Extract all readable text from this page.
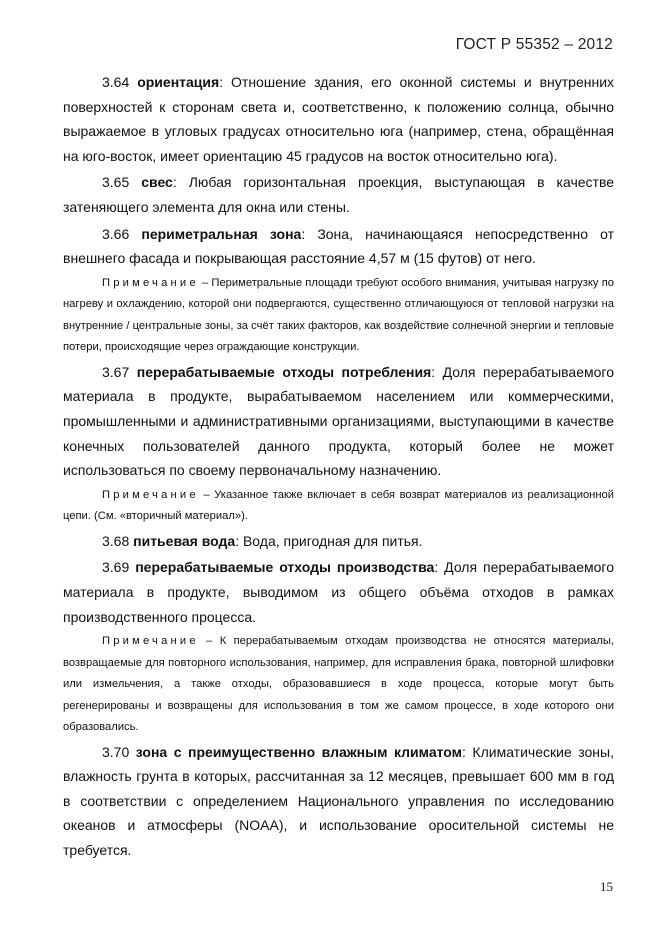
ГОСТ Р 55352 – 2012

3.64 ориентация: Отношение здания, его оконной системы и внутренних поверхностей к сторонам света и, соответственно, к положению солнца, обычно выражаемое в угловых градусах относительно юга (например, стена, обращённая на юго-восток, имеет ориентацию 45 градусов на восток относительно юга).

3.65 свес: Любая горизонтальная проекция, выступающая в качестве затеняющего элемента для окна или стены.

3.66 периметральная зона: Зона, начинающаяся непосредственно от внешнего фасада и покрывающая расстояние 4,57 м (15 футов) от него.

Примечание – Периметральные площади требуют особого внимания, учитывая нагрузку по нагреву и охлаждению, которой они подвергаются, существенно отличающуюся от тепловой нагрузки на внутренние / центральные зоны, за счёт таких факторов, как воздействие солнечной энергии и тепловые потери, происходящие через ограждающие конструкции.

3.67 перерабатываемые отходы потребления: Доля перерабатываемого материала в продукте, вырабатываемом населением или коммерческими, промышленными и административными организациями, выступающими в качестве конечных пользователей данного продукта, который более не может использоваться по своему первоначальному назначению.

Примечание – Указанное также включает в себя возврат материалов из реализационной цепи. (См. «вторичный материал»).

3.68 питьевая вода: Вода, пригодная для питья.

3.69 перерабатываемые отходы производства: Доля перерабатываемого материала в продукте, выводимом из общего объёма отходов в рамках производственного процесса.

Примечание – К перерабатываемым отходам производства не относятся материалы, возвращаемые для повторного использования, например, для исправления брака, повторной шлифовки или измельчения, а также отходы, образовавшиеся в ходе процесса, которые могут быть регенерированы и возвращены для использования в том же самом процессе, в ходе которого они образовались.

3.70 зона с преимущественно влажным климатом: Климатические зоны, влажность грунта в которых, рассчитанная за 12 месяцев, превышает 600 мм в год в соответствии с определением Национального управления по исследованию океанов и атмосферы (NOAA), и использование оросительной системы не требуется.

15
